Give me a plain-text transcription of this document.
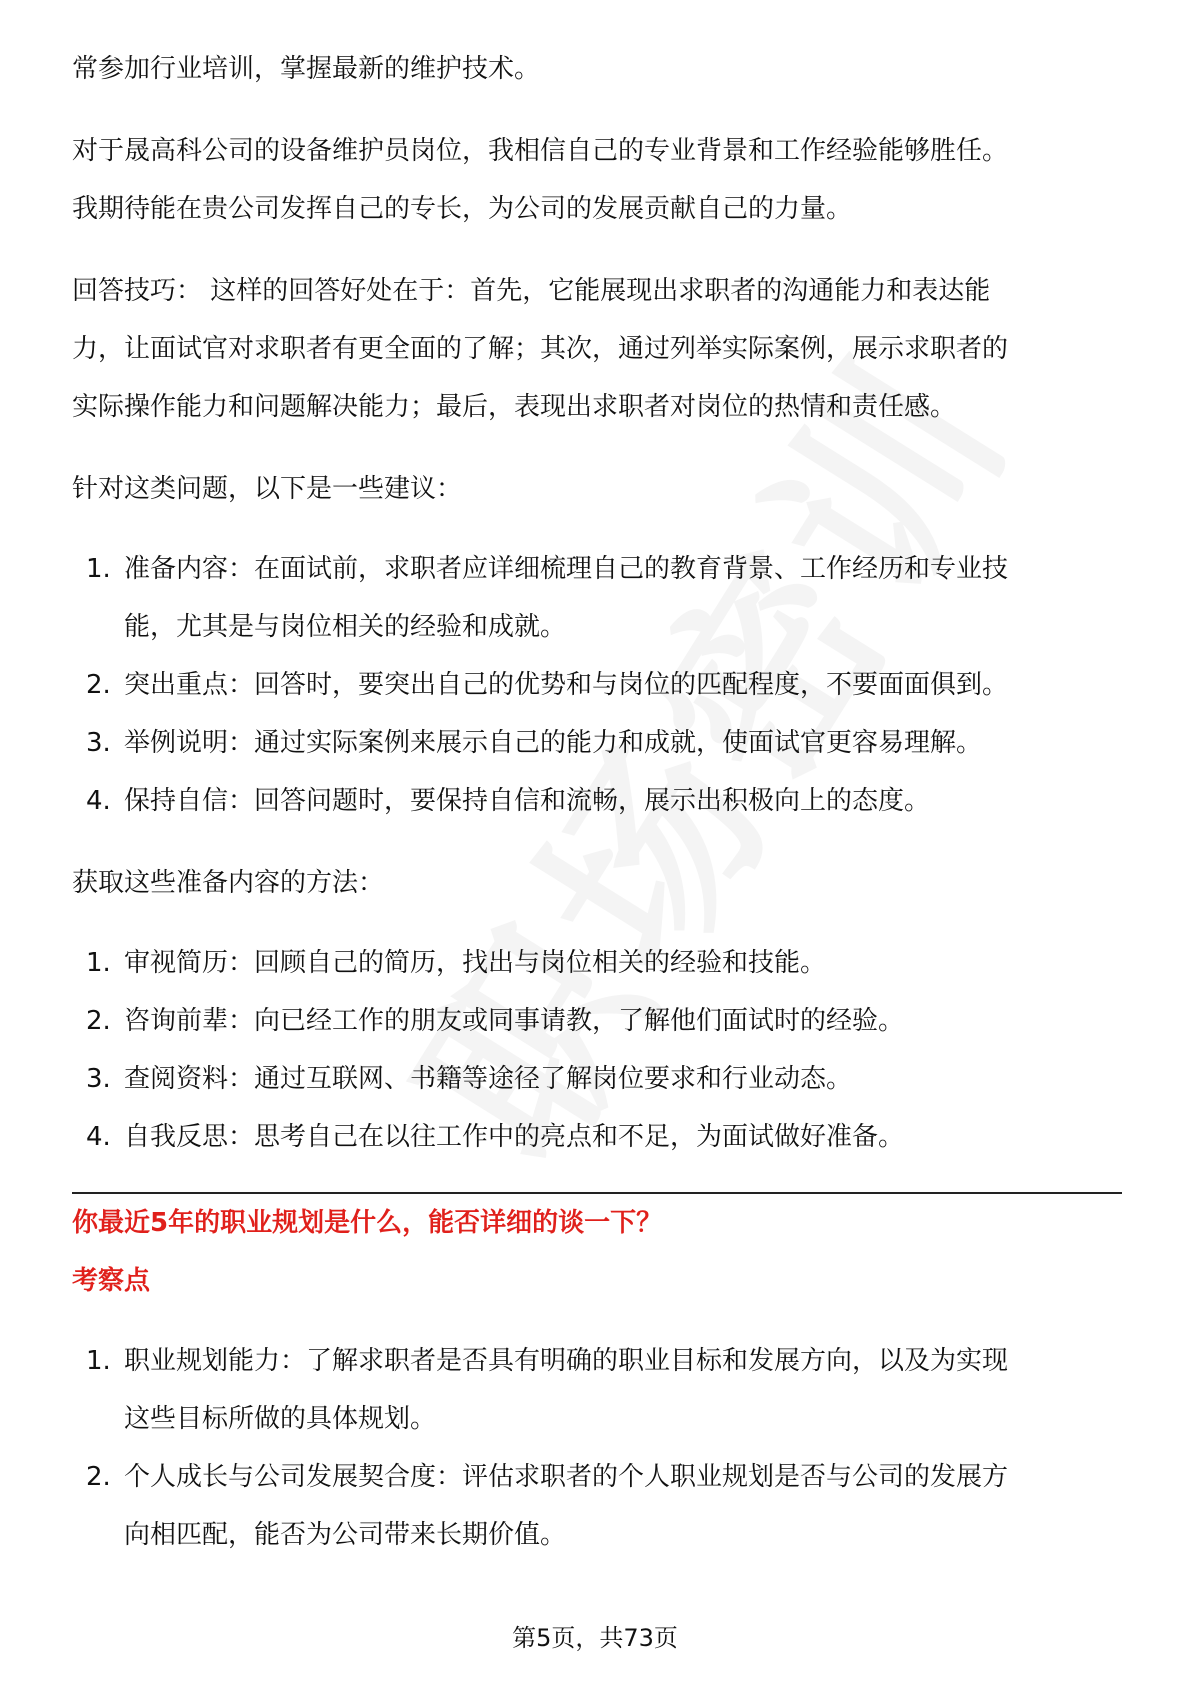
常参加行业培训，掌握最新的维护技术。

对于晟高科公司的设备维护员岗位，我相信自己的专业背景和工作经验能够胜任。

我期待能在贵公司发挥自己的专长，为公司的发展贡献自己的力量。

回答技巧： 这样的回答好处在于：首先，它能展现出求职者的沟通能力和表达能

力，让面试官对求职者有更全面的了解；其次，通过列举实际案例，展示求职者的

实际操作能力和问题解决能力；最后，表现出求职者对岗位的热情和责任感。

针对这类问题，以下是一些建议：

1. 准备内容：在面试前，求职者应详细梳理自己的教育背景、工作经历和专业技
能，尤其是与岗位相关的经验和成就。
2. 突出重点：回答时，要突出自己的优势和与岗位的匹配程度，不要面面俱到。
3. 举例说明：通过实际案例来展示自己的能力和成就，使面试官更容易理解。
4. 保持自信：回答问题时，要保持自信和流畅，展示出积极向上的态度。

获取这些准备内容的方法：

1. 审视简历：回顾自己的简历，找出与岗位相关的经验和技能。
2. 咨询前辈：向已经工作的朋友或同事请教，了解他们面试时的经验。
3. 查阅资料：通过互联网、书籍等途径了解岗位要求和行业动态。
4. 自我反思：思考自己在以往工作中的亮点和不足，为面试做好准备。

你最近5年的职业规划是什么，能否详细的谈一下？

考察点

1. 职业规划能力：了解求职者是否具有明确的职业目标和发展方向，以及为实现
这些目标所做的具体规划。
2. 个人成长与公司发展契合度：评估求职者的个人职业规划是否与公司的发展方
向相匹配，能否为公司带来长期价值。
第5页，共73页
